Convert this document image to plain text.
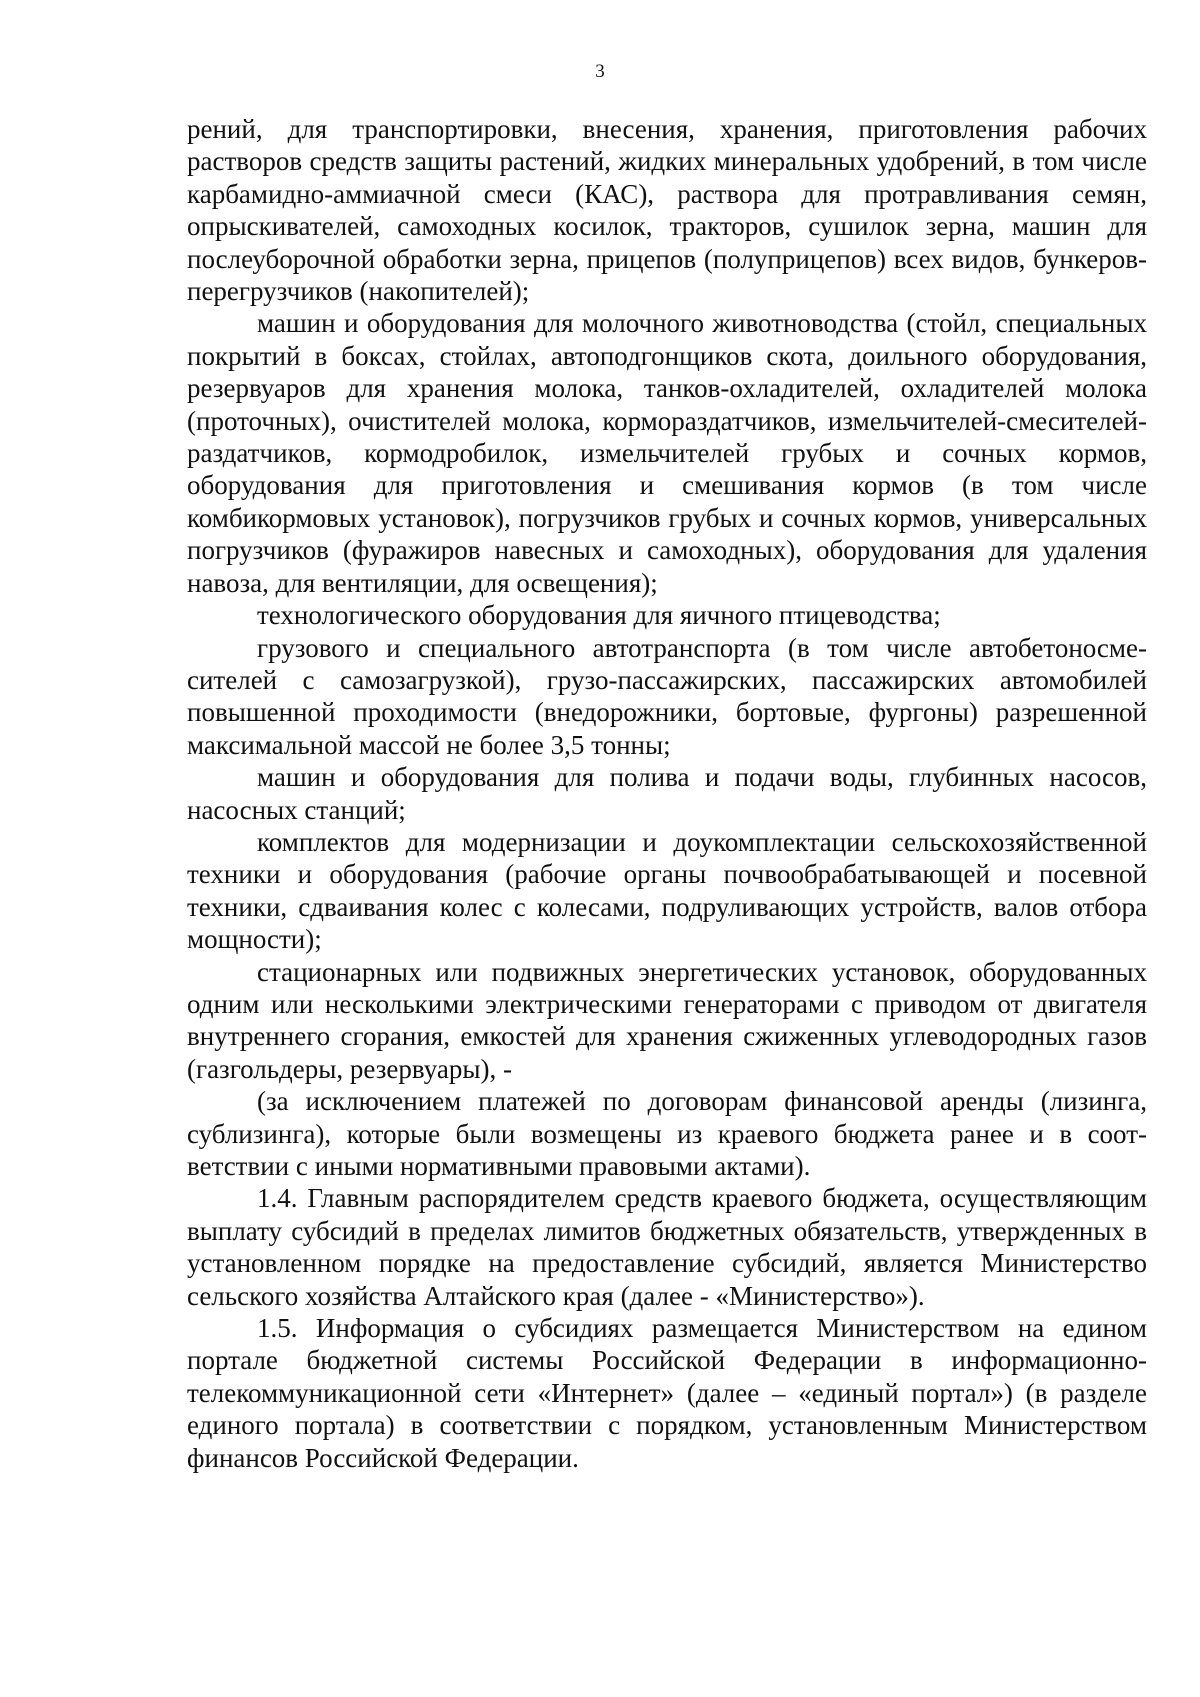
3

рений, для транспортировки, внесения, хранения, приготовления рабочих растворов средств защиты растений, жидких минеральных удобрений, в том числе карбамидно-аммиачной смеси (КАС), раствора для протравливания семян, опрыскивателей, самоходных косилок, тракторов, сушилок зерна, машин для послеуборочной обработки зерна, прицепов (полуприцепов) всех видов, бункеров-перегрузчиков (накопителей);

машин и оборудования для молочного животноводства (стойл, специальных покрытий в боксах, стойлах, автоподгонщиков скота, доильного оборудования, резервуаров для хранения молока, танков-охладителей, охладителей молока (проточных), очистителей молока, кормораздатчиков, измельчителей-смесителей-раздатчиков, кормодробилок, измельчителей грубых и сочных кормов, оборудования для приготовления и смешивания кормов (в том числе комбикормовых установок), погрузчиков грубых и сочных кормов, универсальных погрузчиков (фуражиров навесных и самоходных), оборудования для удаления навоза, для вентиляции, для освещения);

технологического оборудования для яичного птицеводства;

грузового и специального автотранспорта (в том числе автобетоносмесителей с самозагрузкой), грузо-пассажирских, пассажирских автомобилей повышенной проходимости (внедорожники, бортовые, фургоны) разрешенной максимальной массой не более 3,5 тонны;

машин и оборудования для полива и подачи воды, глубинных насосов, насосных станций;

комплектов для модернизации и доукомплектации сельскохозяйственной техники и оборудования (рабочие органы почвообрабатывающей и посевной техники, сдваивания колес с колесами, подруливающих устройств, валов отбора мощности);

стационарных или подвижных энергетических установок, оборудованных одним или несколькими электрическими генераторами с приводом от двигателя внутреннего сгорания, емкостей для хранения сжиженных углеводородных газов (газгольдеры, резервуары), -

(за исключением платежей по договорам финансовой аренды (лизинга, сублизинга), которые были возмещены из краевого бюджета ранее и в соответствии с иными нормативными правовыми актами).

1.4. Главным распорядителем средств краевого бюджета, осуществляющим выплату субсидий в пределах лимитов бюджетных обязательств, утвержденных в установленном порядке на предоставление субсидий, является Министерство сельского хозяйства Алтайского края (далее - «Министерство»).

1.5. Информация о субсидиях размещается Министерством на едином портале бюджетной системы Российской Федерации в информационно-телекоммуникационной сети «Интернет» (далее – «единый портал») (в разделе единого портала) в соответствии с порядком, установленным Министерством финансов Российской Федерации.
